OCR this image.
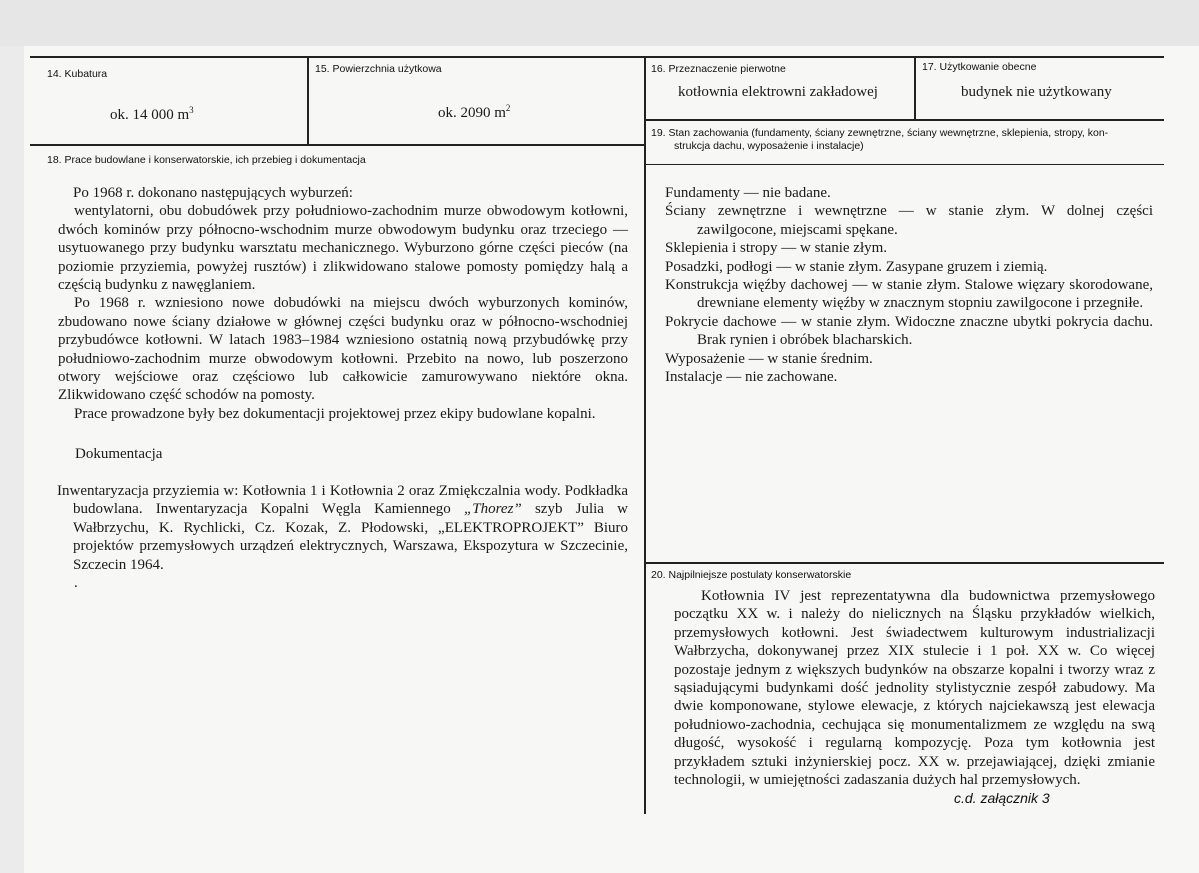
14. Kubatura
ok. 14 000 $m^3$
15. Powierzchnia użytkowa
ok. 2090 $m^2$
16. Przeznaczenie pierwotne
kotłownia elektrowni zakładowej
17. Użytkowanie obecne
budynek nie użytkowany
18. Prace budowlane i konserwatorskie, ich przebieg i dokumentacja
Po 1968 r. dokonano następujących wyburzeń:
wentylatorni, obu dobudówek przy południowo-zachodnim murze obwodowym kotłowni, dwóch kominów przy północno-wschodnim murze obwodowym budynku oraz trzeciego — usytuowanego przy budynku warsztatu mechanicznego. Wyburzono górne części pieców (na poziomie przyziemia, powyżej rusztów) i zlikwidowano stalowe pomosty pomiędzy halą a częścią budynku z nawęglaniem.
Po 1968 r. wzniesiono nowe dobudówki na miejscu dwóch wyburzonych kominów, zbudowano nowe ściany działowe w głównej części budynku oraz w północno-wschodniej przybudówce kotłowni. W latach 1983–1984 wzniesiono ostatnią nową przybudówkę przy południowo-zachodnim murze obwodowym kotłowni. Przebito na nowo, lub poszerzono otwory wejściowe oraz częściowo lub całkowicie zamurowywano niektóre okna. Zlikwidowano część schodów na pomosty.
Prace prowadzone były bez dokumentacji projektowej przez ekipy budowlane kopalni.
Dokumentacja
Inwentaryzacja przyziemia w: Kotłownia 1 i Kotłownia 2 oraz Zmiękczalnia wody. Podkładka budowlana. Inwentaryzacja Kopalni Węgla Kamiennego „Thorez” szyb Julia w Wałbrzychu, K. Rychlicki, Cz. Kozak, Z. Płodowski, „ELEKTROPROJEKT” Biuro projektów przemysłowych urządzeń elektrycznych, Warszawa, Ekspozytura w Szczecinie, Szczecin 1964.
.
19. Stan zachowania (fundamenty, ściany zewnętrzne, ściany wewnętrzne, sklepienia, stropy, kon-
strukcja dachu, wyposażenie i instalacje)
Fundamenty — nie badane.
Ściany zewnętrzne i wewnętrzne — w stanie złym. W dolnej części zawilgocone, miejscami spękane.
Sklepienia i stropy — w stanie złym.
Posadzki, podłogi — w stanie złym. Zasypane gruzem i ziemią.
Konstrukcja więźby dachowej — w stanie złym. Stalowe więzary skorodowane, drewniane elementy więźby w znacznym stopniu zawilgocone i przegniłe.
Pokrycie dachowe — w stanie złym. Widoczne znaczne ubytki pokrycia dachu. Brak rynien i obróbek blacharskich.
Wyposażenie — w stanie średnim.
Instalacje — nie zachowane.
20. Najpilniejsze postulaty konserwatorskie
Kotłownia IV jest reprezentatywna dla budownictwa przemysłowego początku XX w. i należy do nielicznych na Śląsku przykładów wielkich, przemysłowych kotłowni. Jest świadectwem kulturowym industrializacji Wałbrzycha, dokonywanej przez XIX stulecie i 1 poł. XX w. Co więcej pozostaje jednym z większych budynków na obszarze kopalni i tworzy wraz z sąsiadującymi budynkami dość jednolity stylistycznie zespół zabudowy. Ma dwie komponowane, stylowe elewacje, z których najciekawszą jest elewacja południowo-zachodnia, cechująca się monumentalizmem ze względu na swą długość, wysokość i regularną kompozycję. Poza tym kotłownia jest przykładem sztuki inżynierskiej pocz. XX w. przejawiającej, dzięki zmianie technologii, w umiejętności zadaszania dużych hal przemysłowych.
c.d. załącznik 3
